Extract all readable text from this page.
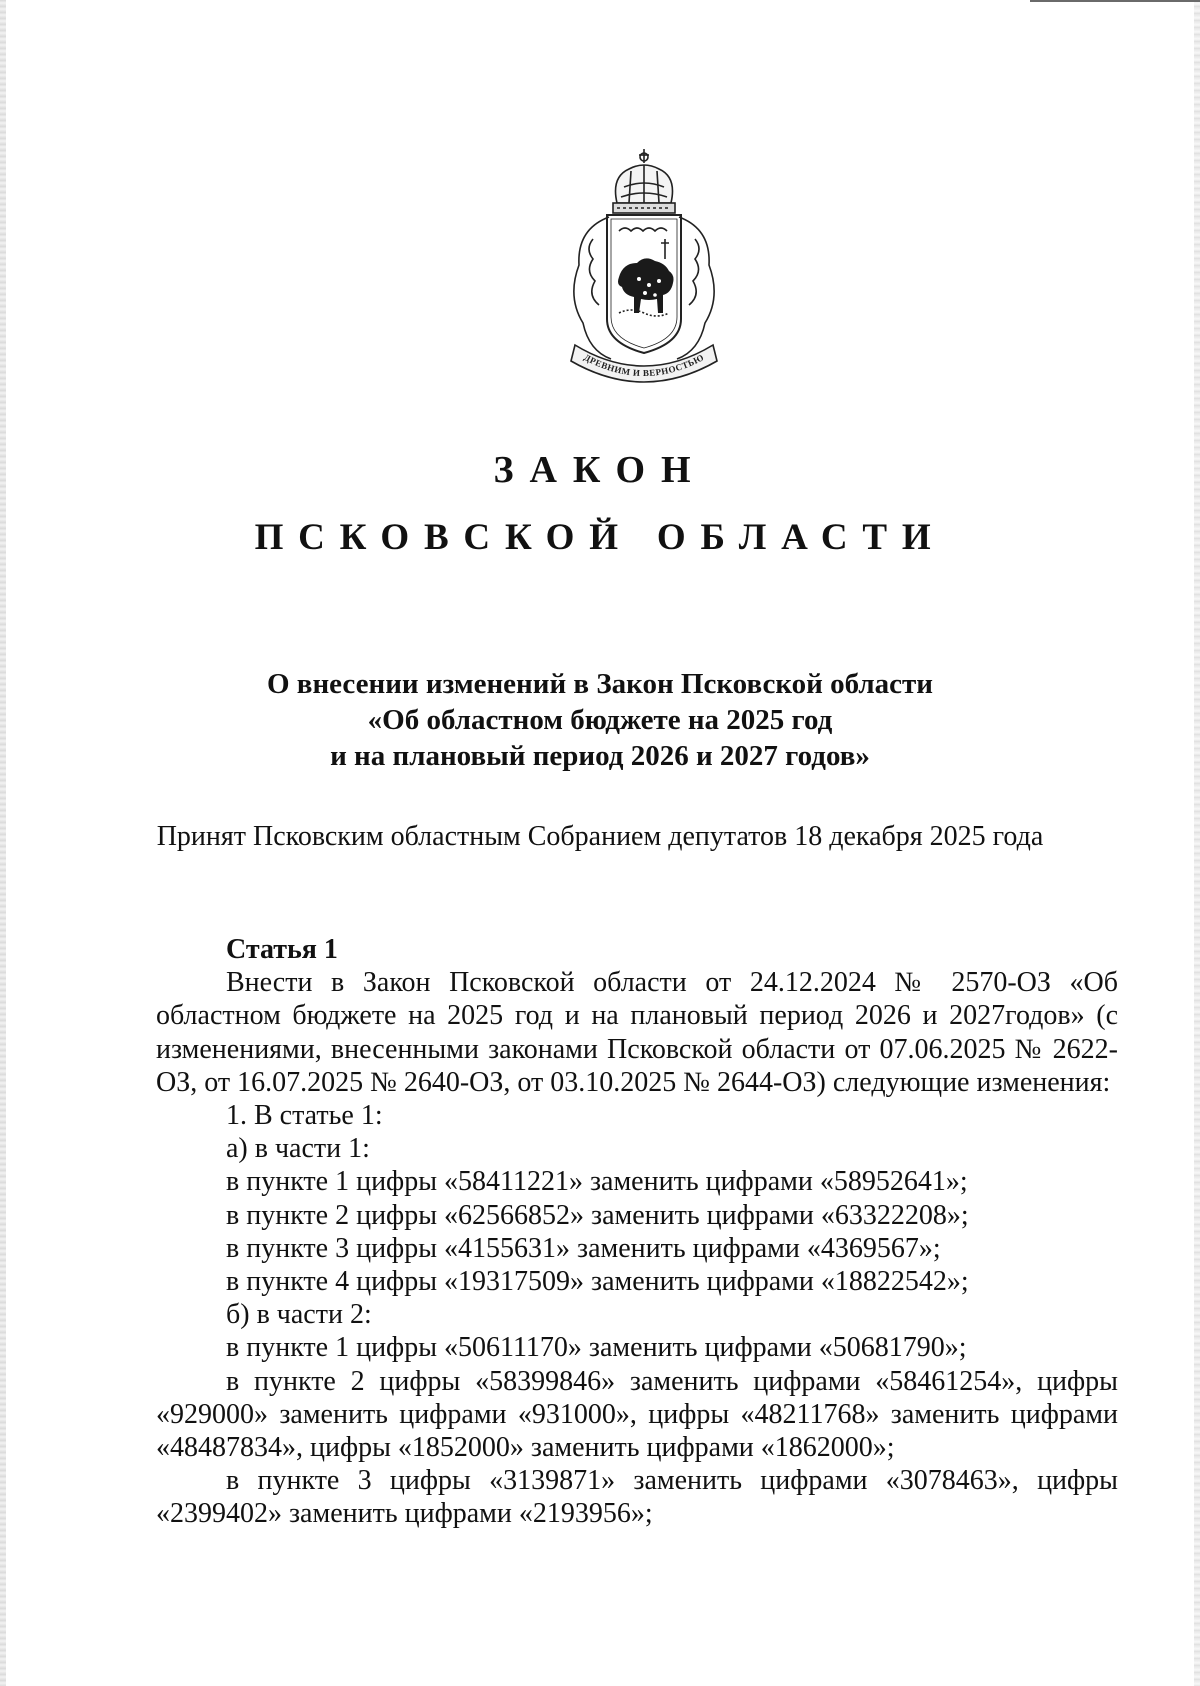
ДРЕВНИМ И ВЕРНОСТЬЮ
ЗАКОН
ПСКОВСКОЙ ОБЛАСТИ
О внесении изменений в Закон Псковской области
«Об областном бюджете на 2025 год
и на плановый период 2026 и 2027 годов»
Принят Псковским областным Собранием депутатов 18 декабря 2025 года

Статья 1

Внести в Закон Псковской области от 24.12.2024 № 2570-ОЗ «Об областном бюджете на 2025 год и на плановый период 2026 и 2027годов» (с изменениями, внесенными законами Псковской области от 07.06.2025 № 2622-ОЗ, от 16.07.2025 № 2640-ОЗ, от 03.10.2025 № 2644-ОЗ) следующие изменения:

1. В статье 1:

а) в части 1:

в пункте 1 цифры «58411221» заменить цифрами «58952641»;

в пункте 2 цифры «62566852» заменить цифрами «63322208»;

в пункте 3 цифры «4155631» заменить цифрами «4369567»;

в пункте 4 цифры «19317509» заменить цифрами «18822542»;

б) в части 2:

в пункте 1 цифры «50611170» заменить цифрами «50681790»;

в пункте 2 цифры «58399846» заменить цифрами «58461254», цифры «929000» заменить цифрами «931000», цифры «48211768» заменить цифрами «48487834», цифры «1852000» заменить цифрами «1862000»;

в пункте 3 цифры «3139871» заменить цифрами «3078463», цифры «2399402» заменить цифрами «2193956»;
